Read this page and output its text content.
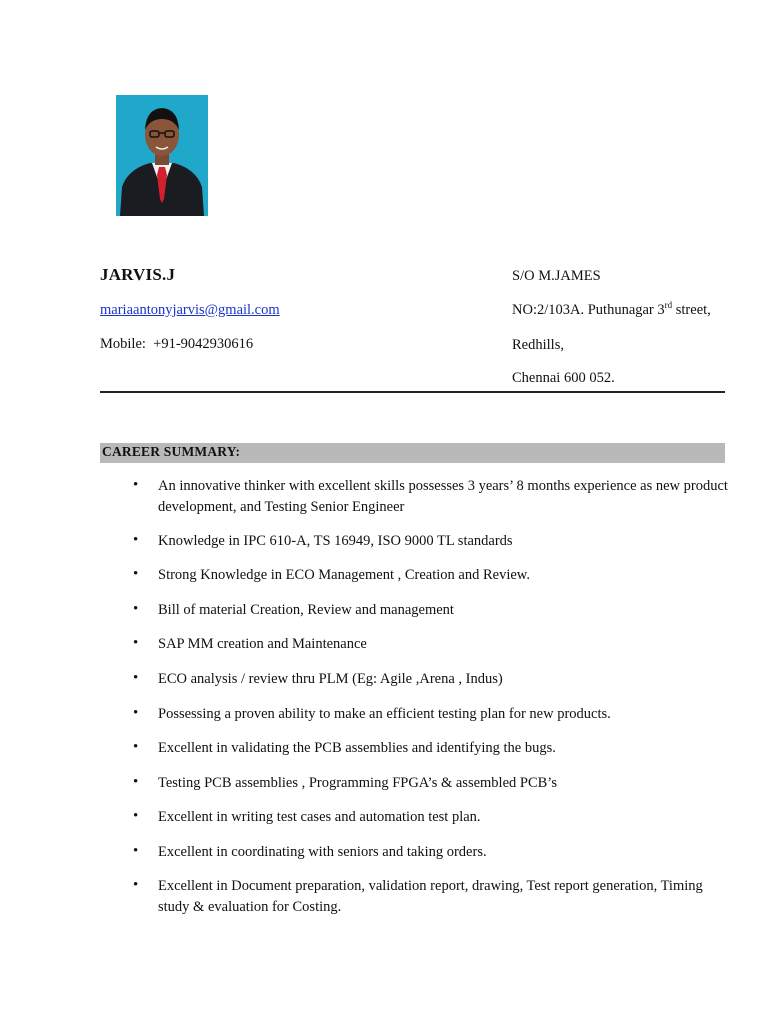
JARVIS.J
mariaantonyjarvis@gmail.com
Mobile:  +91-9042930616
S/O M.JAMES
NO:2/103A. Puthunagar 3rd street,
Redhills,
Chennai 600 052.
CAREER SUMMARY:
• An innovative thinker with excellent skills possesses 3 years’ 8 months experience as new product development, and Testing Senior Engineer
• Knowledge in IPC 610-A, TS 16949, ISO 9000 TL standards
• Strong Knowledge in ECO Management , Creation and Review.
• Bill of material Creation, Review and management
• SAP MM creation and Maintenance
• ECO analysis / review thru PLM (Eg: Agile ,Arena , Indus)
• Possessing a proven ability to make an efficient testing plan for new products.
• Excellent in validating the PCB assemblies and identifying the bugs.
• Testing PCB assemblies , Programming FPGA’s & assembled PCB’s
• Excellent in writing test cases and automation test plan.
• Excellent in coordinating with seniors and taking orders.
• Excellent in Document preparation, validation report, drawing, Test report generation, Timing study & evaluation for Costing.
